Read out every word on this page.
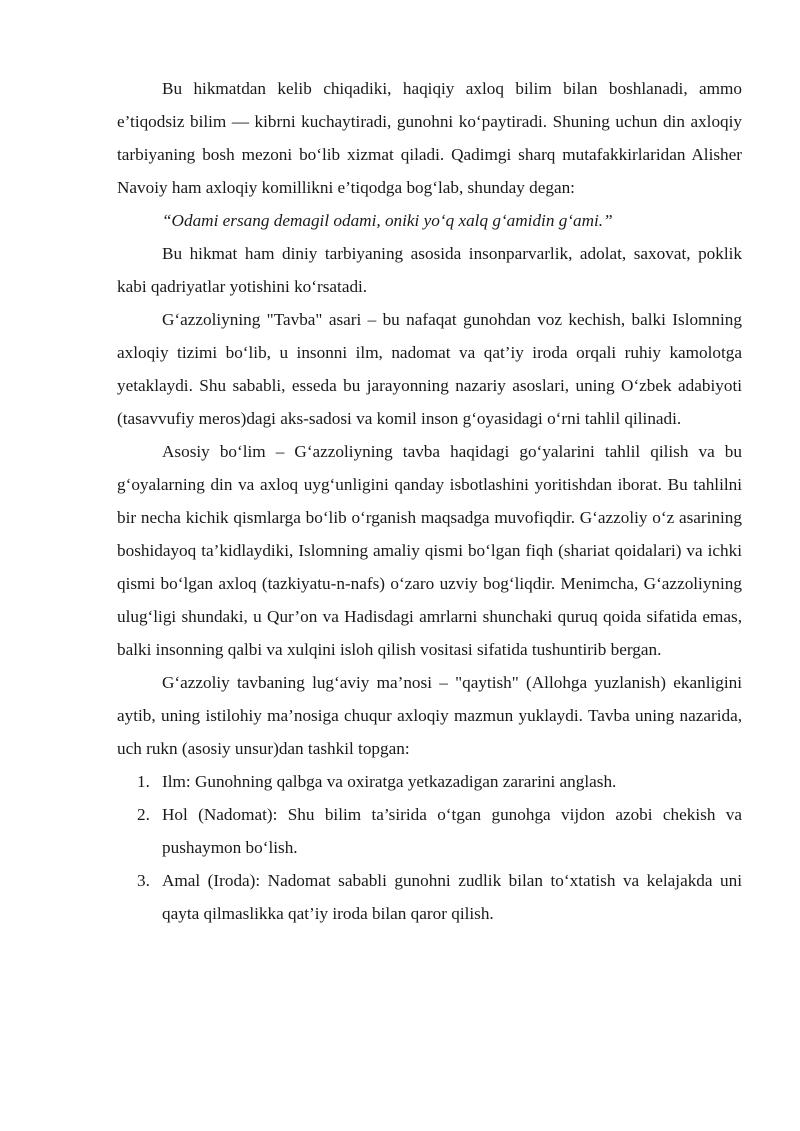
Bu hikmatdan kelib chiqadiki, haqiqiy axloq bilim bilan boshlanadi, ammo e’tiqodsiz bilim — kibrni kuchaytiradi, gunohni ko‘paytiradi. Shuning uchun din axloqiy tarbiyaning bosh mezoni bo‘lib xizmat qiladi. Qadimgi sharq mutafakkirlaridan Alisher Navoiy ham axloqiy komillikni e’tiqodga bog‘lab, shunday degan:

“Odami ersang demagil odami, oniki yo‘q xalq g‘amidin g‘ami.”

Bu hikmat ham diniy tarbiyaning asosida insonparvarlik, adolat, saxovat, poklik kabi qadriyatlar yotishini ko‘rsatadi.

G‘azzoliyning "Tavba" asari – bu nafaqat gunohdan voz kechish, balki Islomning axloqiy tizimi bo‘lib, u insonni ilm, nadomat va qat’iy iroda orqali ruhiy kamolotga yetaklaydi. Shu sababli, esseda bu jarayonning nazariy asoslari, uning O‘zbek adabiyoti (tasavvufiy meros)dagi aks-sadosi va komil inson g‘oyasidagi o‘rni tahlil qilinadi.

Asosiy bo‘lim – G‘azzoliyning tavba haqidagi go‘yalarini tahlil qilish va bu g‘oyalarning din va axloq uyg‘unligini qanday isbotlashini yoritishdan iborat. Bu tahlilni bir necha kichik qismlarga bo‘lib o‘rganish maqsadga muvofiqdir. G‘azzoliy o‘z asarining boshidayoq ta’kidlaydiki, Islomning amaliy qismi bo‘lgan fiqh (shariat qoidalari) va ichki qismi bo‘lgan axloq (tazkiyatu-n-nafs) o‘zaro uzviy bog‘liqdir. Menimcha, G‘azzoliyning ulug‘ligi shundaki, u Qur’on va Hadisdagi amrlarni shunchaki quruq qoida sifatida emas, balki insonning qalbi va xulqini isloh qilish vositasi sifatida tushuntirib bergan.

G‘azzoliy tavbaning lug‘aviy ma’nosi – "qaytish" (Allohga yuzlanish) ekanligini aytib, uning istilohiy ma’nosiga chuqur axloqiy mazmun yuklaydi. Tavba uning nazarida, uch rukn (asosiy unsur)dan tashkil topgan:

1. Ilm: Gunohning qalbga va oxiratga yetkazadigan zararini anglash.
2. Hol (Nadomat): Shu bilim ta’sirida o‘tgan gunohga vijdon azobi chekish va pushaymon bo‘lish.
3. Amal (Iroda): Nadomat sababli gunohni zudlik bilan to‘xtatish va kelajakda uni qayta qilmaslikka qat’iy iroda bilan qaror qilish.
